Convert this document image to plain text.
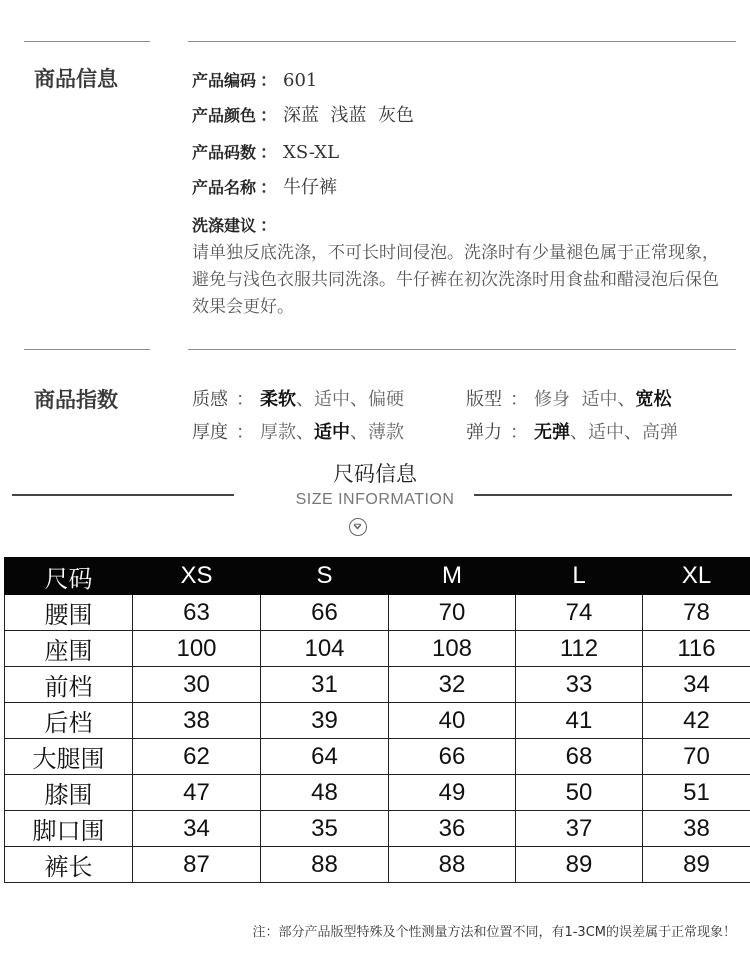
商品信息	产品编码 ： 601
产品颜色 ： 深蓝  浅蓝  灰色
产品码数 ： XS-XL
产品名称 ： 牛仔裤
洗涤建议 ：
请单独反底洗涤，不可长时间侵泡。洗涤时有少量褪色属于正常现象，避免与浅色衣服共同洗涤。牛仔裤在初次洗涤时用食盐和醋浸泡后保色效果会更好。
商品指数	质感 ： 柔软、适中、偏硬	版型 ： 修身 适中、宽松
厚度 ： 厚款、适中、薄款	弹力 ： 无弹、适中、高弹
尺码信息
SIZE INFORMATION
尺码	XS	S	M	L	XL
腰围	63	66	70	74	78
座围	100	104	108	112	116
前档	30	31	32	33	34
后档	38	39	40	41	42
大腿围	62	64	66	68	70
膝围	47	48	49	50	51
脚口围	34	35	36	37	38
裤长	87	88	88	89	89
注：部分产品版型特殊及个性测量方法和位置不同，有1-3CM的误差属于正常现象！
